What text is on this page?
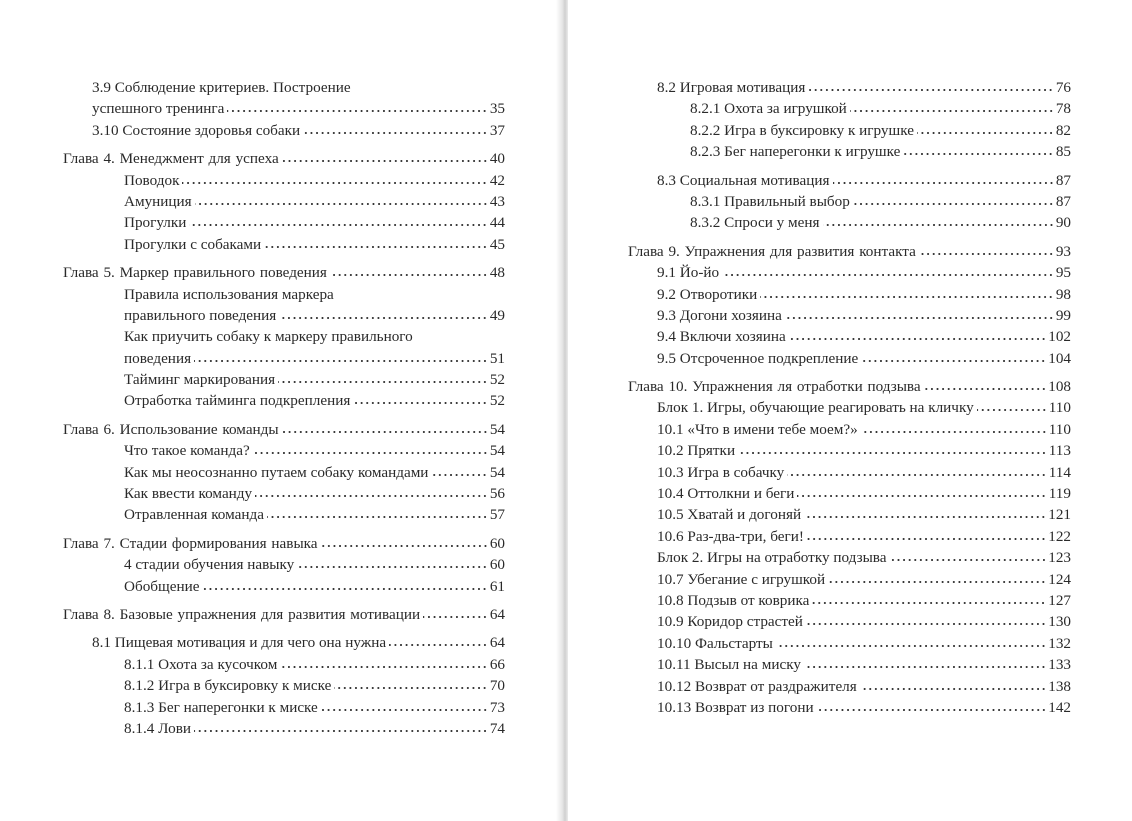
3.9 Соблюдение критериев. Построение
успешного тренинга	35
3.10 Состояние здоровья собаки	37
Глава 4. Менеджмент для успеха	40
Поводок	42
Амуниция	43
Прогулки	44
Прогулки с собаками	45
Глава 5. Маркер правильного поведения	48
Правила использования маркера
правильного поведения	49
Как приучить собаку к маркеру правильного
поведения	51
Тайминг маркирования	52
Отработка тайминга подкрепления	52
Глава 6. Использование команды	54
Что такое команда?	54
Как мы неосознанно путаем собаку командами	54
Как ввести команду	56
Отравленная команда	57
Глава 7. Стадии формирования навыка	60
4 стадии обучения навыку	60
Обобщение	61
Глава 8. Базовые упражнения для развития мотивации	64
8.1 Пищевая мотивация и для чего она нужна	64
8.1.1 Охота за кусочком	66
8.1.2 Игра в буксировку к миске	70
8.1.3 Бег наперегонки к миске	73
8.1.4 Лови	74
8.2 Игровая мотивация	76
8.2.1 Охота за игрушкой	78
8.2.2 Игра в буксировку к игрушке	82
8.2.3 Бег наперегонки к игрушке	85
8.3 Социальная мотивация	87
8.3.1 Правильный выбор	87
8.3.2 Спроси у меня	90
Глава 9. Упражнения для развития контакта	93
9.1 Йо-йо	95
9.2 Отворотики	98
9.3 Догони хозяина	99
9.4 Включи хозяина	102
9.5 Отсроченное подкрепление	104
Глава 10. Упражнения ля отработки подзыва	108
Блок 1. Игры, обучающие реагировать на кличку	110
10.1 «Что в имени тебе моем?»	110
10.2 Прятки	113
10.3 Игра в собачку	114
10.4 Оттолкни и беги	119
10.5 Хватай и догоняй	121
10.6 Раз-два-три, беги!	122
Блок 2. Игры на отработку подзыва	123
10.7 Убегание с игрушкой	124
10.8 Подзыв от коврика	127
10.9 Коридор страстей	130
10.10 Фальстарты	132
10.11 Высыл на миску	133
10.12 Возврат от раздражителя	138
10.13 Возврат из погони	142
